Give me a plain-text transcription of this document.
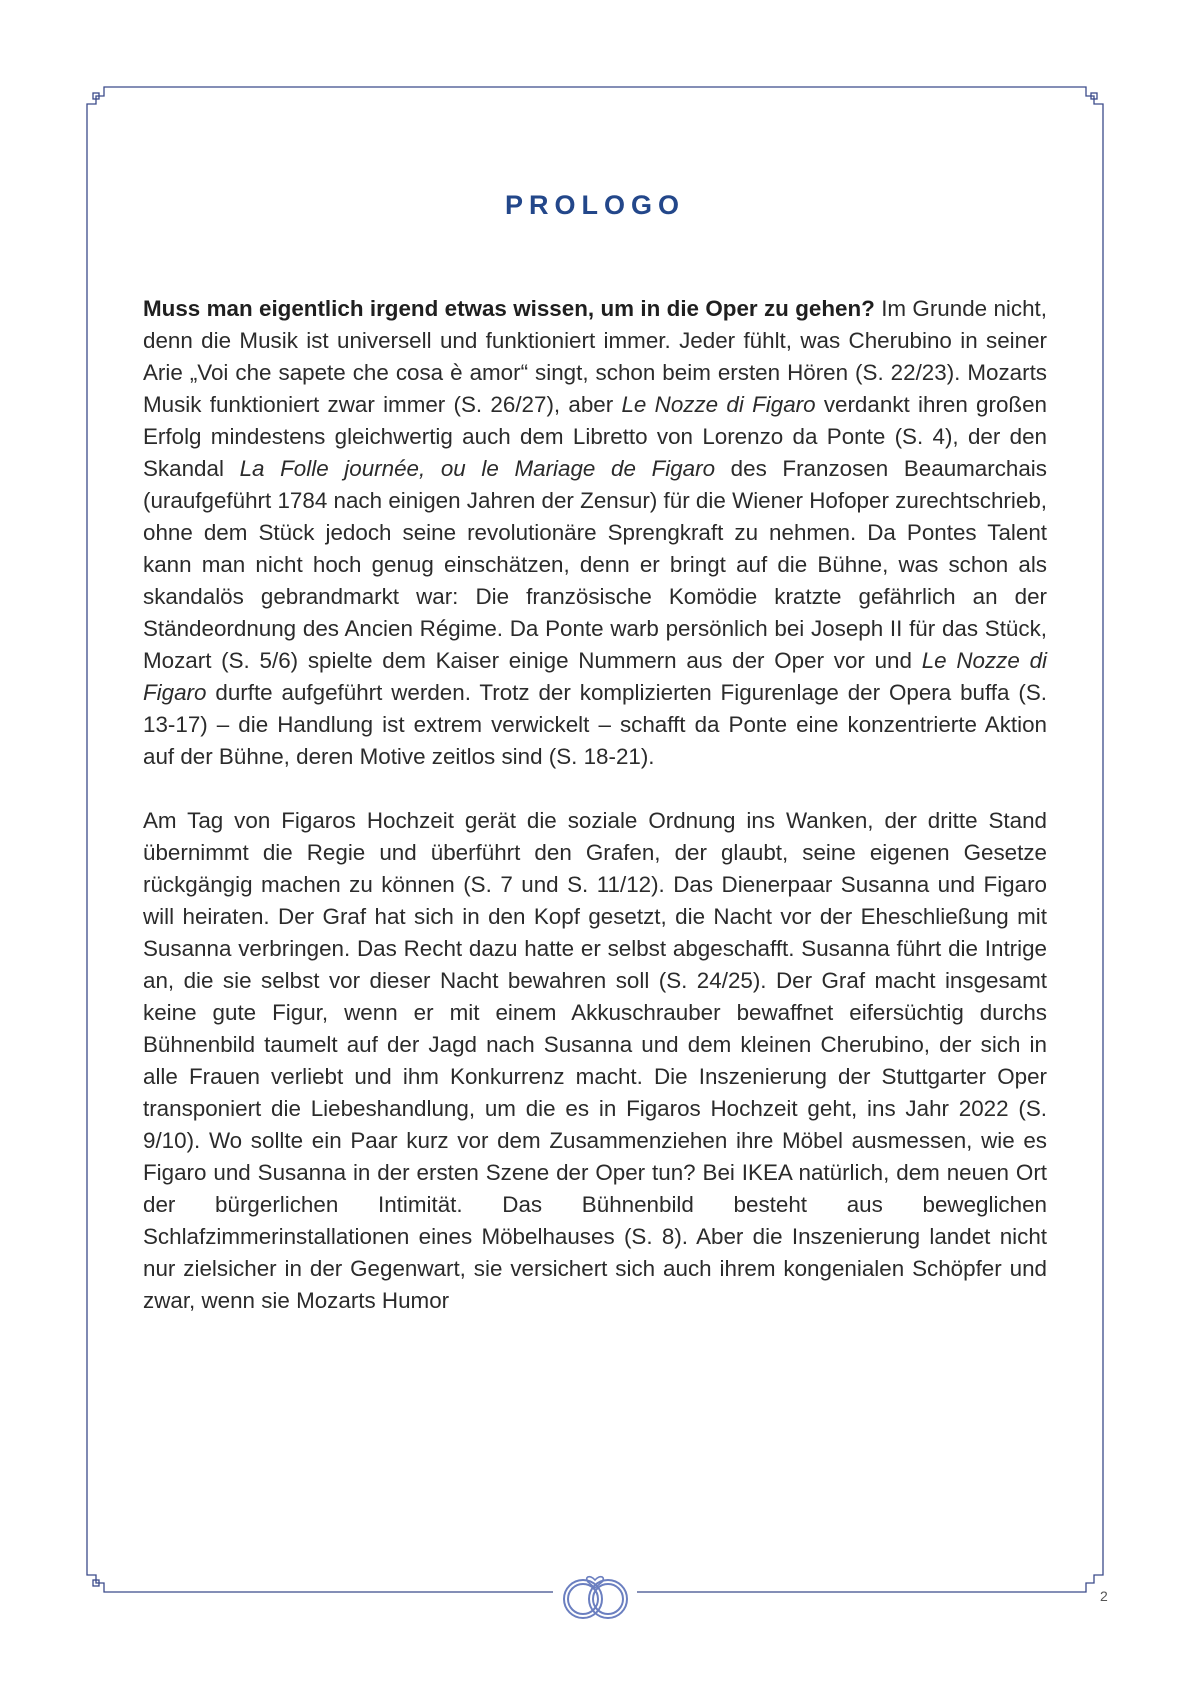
PROLOGO

Muss man eigentlich irgend etwas wissen, um in die Oper zu gehen? Im Grunde nicht, denn die Musik ist universell und funktioniert immer. Jeder fühlt, was Cherubino in seiner Arie „Voi che sapete che cosa è amor“ singt, schon beim ersten Hören (S. 22/23). Mozarts Musik funktioniert zwar immer (S. 26/27), aber Le Nozze di Figaro verdankt ihren großen Erfolg mindestens gleichwertig auch dem Libretto von Lorenzo da Ponte (S. 4), der den Skandal La Folle journée, ou le Mariage de Figaro des Franzosen Beaumarchais (uraufgeführt 1784 nach einigen Jahren der Zensur) für die Wiener Hofoper zurechtschrieb, ohne dem Stück jedoch seine revolutionäre Sprengkraft zu nehmen. Da Pontes Talent kann man nicht hoch genug einschätzen, denn er bringt auf die Bühne, was schon als skandalös gebrandmarkt war: Die französische Komödie kratzte gefährlich an der Ständeordnung des Ancien Régime. Da Ponte warb persönlich bei Joseph II für das Stück, Mozart (S. 5/6) spielte dem Kaiser einige Nummern aus der Oper vor und Le Nozze di Figaro durfte aufgeführt werden. Trotz der komplizierten Figurenlage der Opera buffa (S. 13-17) – die Handlung ist extrem verwickelt – schafft da Ponte eine konzentrierte Aktion auf der Bühne, deren Motive zeitlos sind (S. 18-21).

Am Tag von Figaros Hochzeit gerät die soziale Ordnung ins Wanken, der dritte Stand übernimmt die Regie und überführt den Grafen, der glaubt, seine eigenen Gesetze rückgängig machen zu können (S. 7 und S. 11/12). Das Dienerpaar Susanna und Figaro will heiraten. Der Graf hat sich in den Kopf gesetzt, die Nacht vor der Eheschließung mit Susanna verbringen. Das Recht dazu hatte er selbst abgeschafft. Susanna führt die Intrige an, die sie selbst vor dieser Nacht bewahren soll (S. 24/25). Der Graf macht insgesamt keine gute Figur, wenn er mit einem Akkuschrauber bewaffnet eifersüchtig durchs Bühnenbild taumelt auf der Jagd nach Susanna und dem kleinen Cherubino, der sich in alle Frauen verliebt und ihm Konkurrenz macht. Die Inszenierung der Stuttgarter Oper transponiert die Liebeshandlung, um die es in Figaros Hochzeit geht, ins Jahr 2022 (S. 9/10). Wo sollte ein Paar kurz vor dem Zusammenziehen ihre Möbel ausmessen, wie es Figaro und Susanna in der ersten Szene der Oper tun? Bei IKEA natürlich, dem neuen Ort der bürgerlichen Intimität. Das Bühnenbild besteht aus beweglichen Schlafzimmerinstallationen eines Möbelhauses (S. 8). Aber die Inszenierung landet nicht nur zielsicher in der Gegenwart, sie versichert sich auch ihrem kongenialen Schöpfer und zwar, wenn sie Mozarts Humor

2
